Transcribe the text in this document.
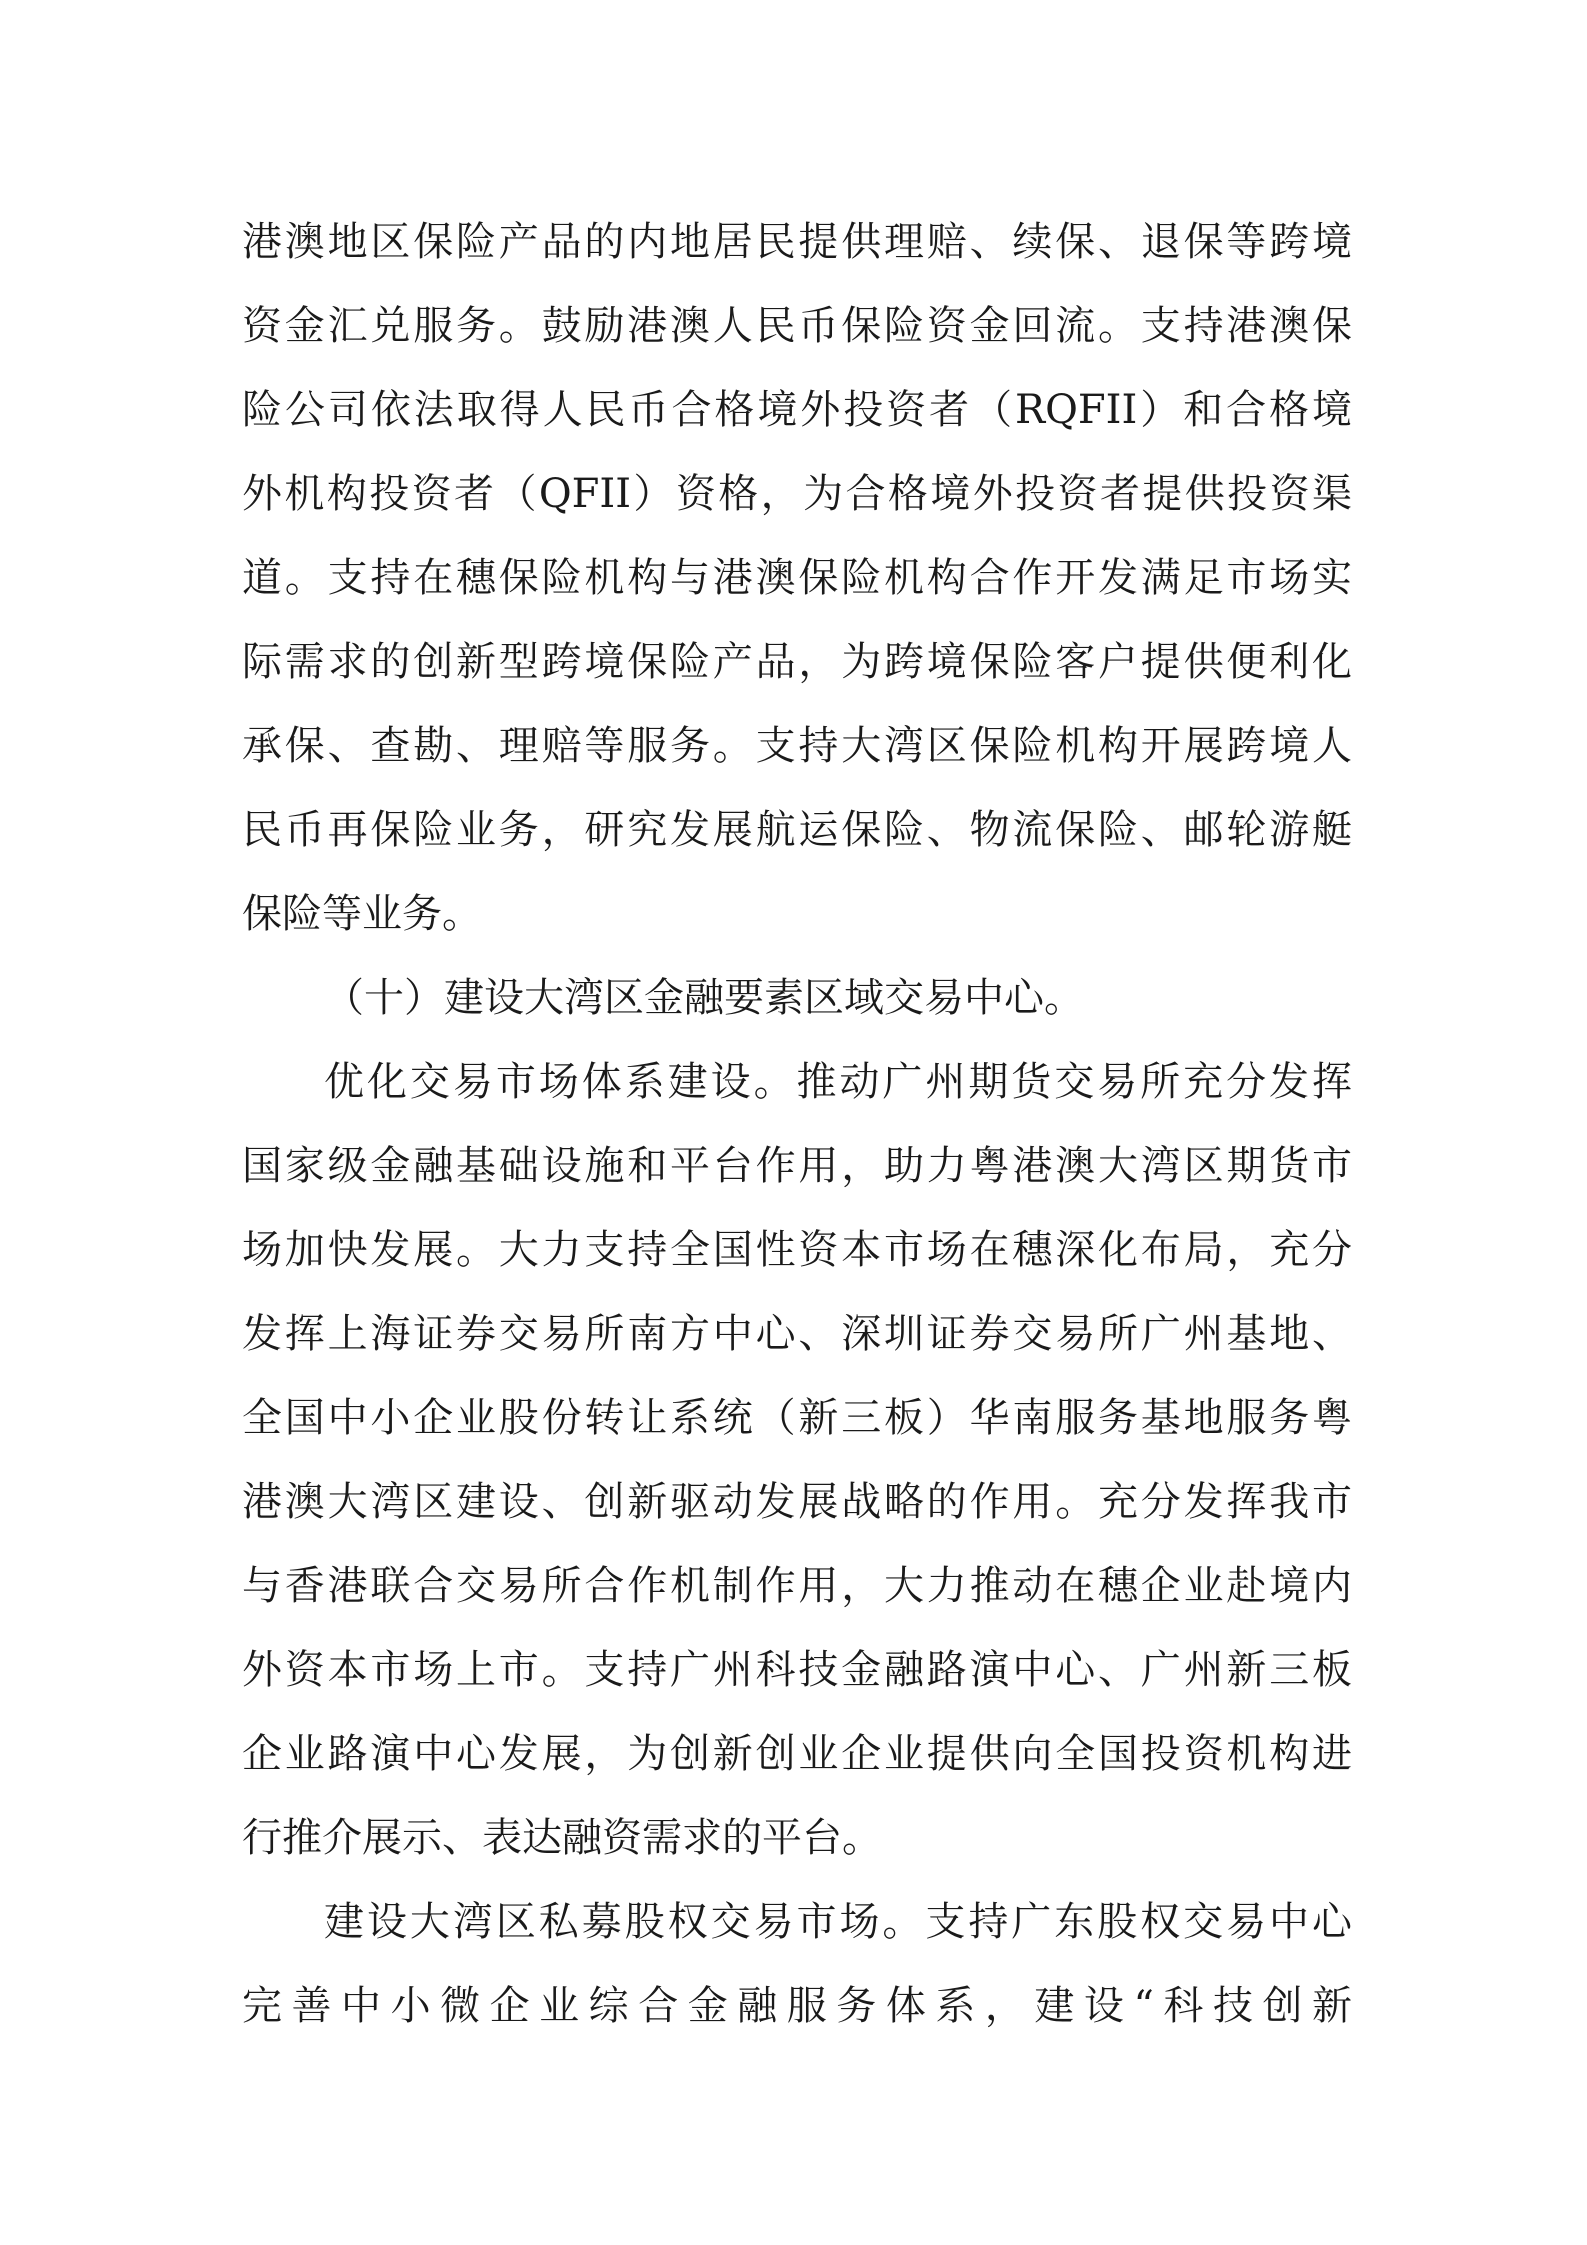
港澳地区保险产品的内地居民提供理赔、续保、退保等跨境
资金汇兑服务。鼓励港澳人民币保险资金回流。支持港澳保
险公司依法取得人民币合格境外投资者（RQFII）和合格境
外机构投资者（QFII）资格，为合格境外投资者提供投资渠
道。支持在穗保险机构与港澳保险机构合作开发满足市场实
际需求的创新型跨境保险产品，为跨境保险客户提供便利化
承保、查勘、理赔等服务。支持大湾区保险机构开展跨境人
民币再保险业务，研究发展航运保险、物流保险、邮轮游艇
保险等业务。
（十）建设大湾区金融要素区域交易中心。
优化交易市场体系建设。推动广州期货交易所充分发挥
国家级金融基础设施和平台作用，助力粤港澳大湾区期货市
场加快发展。大力支持全国性资本市场在穗深化布局，充分
发挥上海证券交易所南方中心、深圳证券交易所广州基地、
全国中小企业股份转让系统（新三板）华南服务基地服务粤
港澳大湾区建设、创新驱动发展战略的作用。充分发挥我市
与香港联合交易所合作机制作用，大力推动在穗企业赴境内
外资本市场上市。支持广州科技金融路演中心、广州新三板
企业路演中心发展，为创新创业企业提供向全国投资机构进
行推介展示、表达融资需求的平台。
建设大湾区私募股权交易市场。支持广东股权交易中心
完善中小微企业综合金融服务体系，建设“科技创新
